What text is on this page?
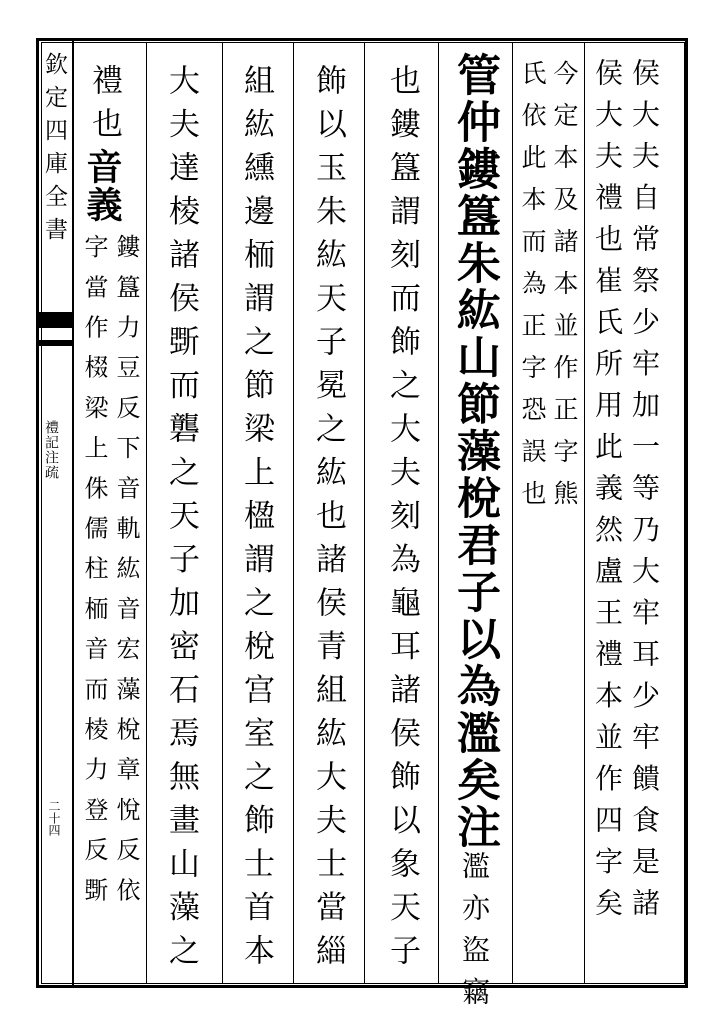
欽定四庫全書
禮記注疏
二十四	侯大夫自常祭少牢加一等乃大牢耳少牢饋食是諸
侯大夫禮也崔氏所用此義然盧王禮本並作四字矣
今定本及諸本並作正字熊
氏依此本而為正字恐誤也
管仲鏤簋朱紘山節藻梲君子以為濫矣注濫亦盜竊
也鏤簋謂刻而飾之大夫刻為龜耳諸侯飾以象天子
飾以玉朱紘天子冕之紘也諸侯青組紘大夫士當緇
組紘纁邊栭謂之節梁上楹謂之梲宫室之飾士首本
大夫達棱諸侯斲而礱之天子加密石焉無畫山藻之
禮也
音義
鏤簋力豆反下音軌紘音宏藻梲章悅反依
字當作棳梁上侏儒柱栭音而棱力登反斲
